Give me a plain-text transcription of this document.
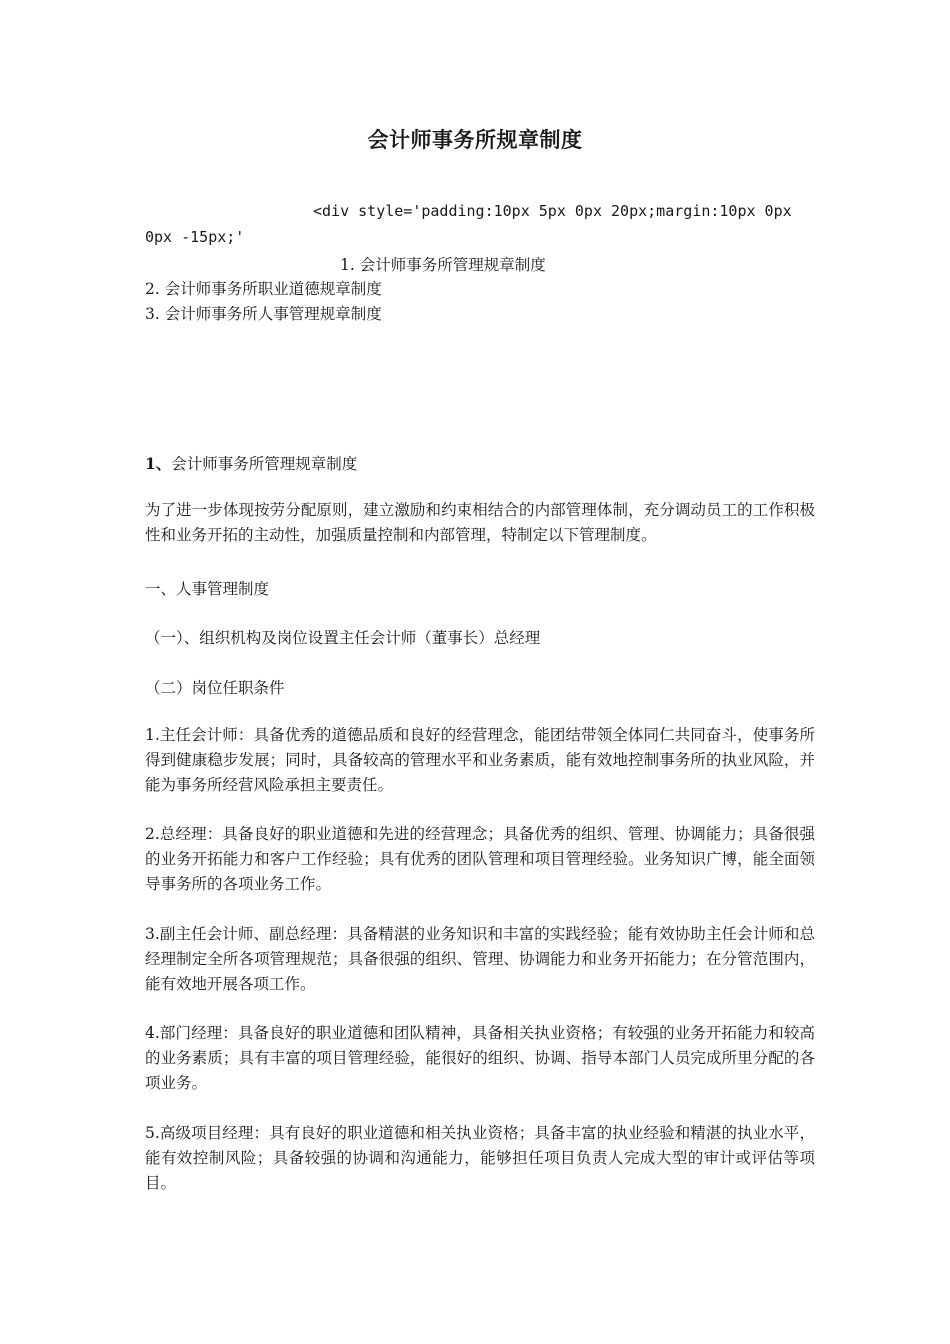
会计师事务所规章制度
<div style='padding:10px 5px 0px 20px;margin:10px 0px
0px -15px;'
1. 会计师事务所管理规章制度
2. 会计师事务所职业道德规章制度
3. 会计师事务所人事管理规章制度
1、会计师事务所管理规章制度
为了进一步体现按劳分配原则，建立激励和约束相结合的内部管理体制，充分调动员工的工作积极性和业务开拓的主动性，加强质量控制和内部管理，特制定以下管理制度。
一、人事管理制度
（一）、组织机构及岗位设置主任会计师（董事长）总经理
（二）岗位任职条件
1.主任会计师：具备优秀的道德品质和良好的经营理念，能团结带领全体同仁共同奋斗，使事务所得到健康稳步发展；同时，具备较高的管理水平和业务素质，能有效地控制事务所的执业风险，并能为事务所经营风险承担主要责任。
2.总经理：具备良好的职业道德和先进的经营理念；具备优秀的组织、管理、协调能力；具备很强的业务开拓能力和客户工作经验；具有优秀的团队管理和项目管理经验。业务知识广博，能全面领导事务所的各项业务工作。
3.副主任会计师、副总经理：具备精湛的业务知识和丰富的实践经验；能有效协助主任会计师和总经理制定全所各项管理规范；具备很强的组织、管理、协调能力和业务开拓能力；在分管范围内，能有效地开展各项工作。
4.部门经理：具备良好的职业道德和团队精神，具备相关执业资格；有较强的业务开拓能力和较高的业务素质；具有丰富的项目管理经验，能很好的组织、协调、指导本部门人员完成所里分配的各项业务。
5.高级项目经理：具有良好的职业道德和相关执业资格；具备丰富的执业经验和精湛的执业水平，能有效控制风险；具备较强的协调和沟通能力，能够担任项目负责人完成大型的审计或评估等项目。
